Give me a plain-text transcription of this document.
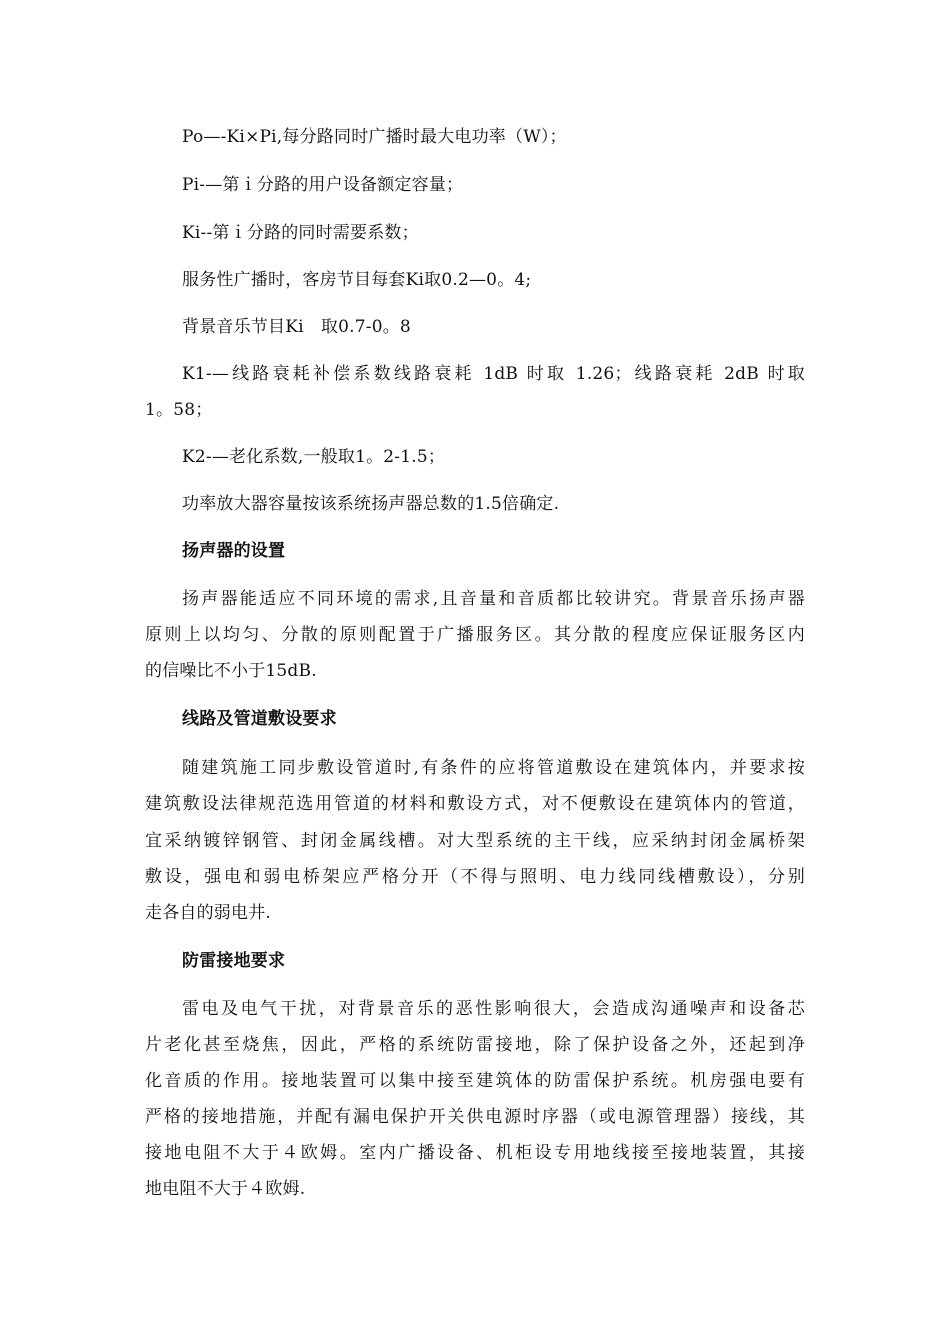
Po—-Ki×Pi,每分路同时广播时最大电功率（W）；
Pi-—第ｉ分路的用户设备额定容量；
Ki--第ｉ分路的同时需要系数；
服务性广播时，客房节目每套Ki取0.2—0。4;
背景音乐节目Ki　取0.7-0。8
K1-—线路衰耗补偿系数线路衰耗 1dB 时取 1.26；线路衰耗 2dB 时取
1。58；
K2-—老化系数,一般取1。2-1.5；
功率放大器容量按该系统扬声器总数的1.5倍确定.
扬声器的设置
扬声器能适应不同环境的需求,且音量和音质都比较讲究。背景音乐扬声器
原则上以均匀、分散的原则配置于广播服务区。其分散的程度应保证服务区内
的信噪比不小于15dB.
线路及管道敷设要求
随建筑施工同步敷设管道时,有条件的应将管道敷设在建筑体内，并要求按
建筑敷设法律规范选用管道的材料和敷设方式，对不便敷设在建筑体内的管道，
宜采纳镀锌钢管、封闭金属线槽。对大型系统的主干线，应采纳封闭金属桥架
敷设，强电和弱电桥架应严格分开（不得与照明、电力线同线槽敷设），分别
走各自的弱电井.
防雷接地要求
雷电及电气干扰，对背景音乐的恶性影响很大，会造成沟通噪声和设备芯
片老化甚至烧焦，因此，严格的系统防雷接地，除了保护设备之外，还起到净
化音质的作用。接地装置可以集中接至建筑体的防雷保护系统。机房强电要有
严格的接地措施，并配有漏电保护开关供电源时序器（或电源管理器）接线，其
接地电阻不大于４欧姆。室内广播设备、机柜设专用地线接至接地装置，其接
地电阻不大于４欧姆.
